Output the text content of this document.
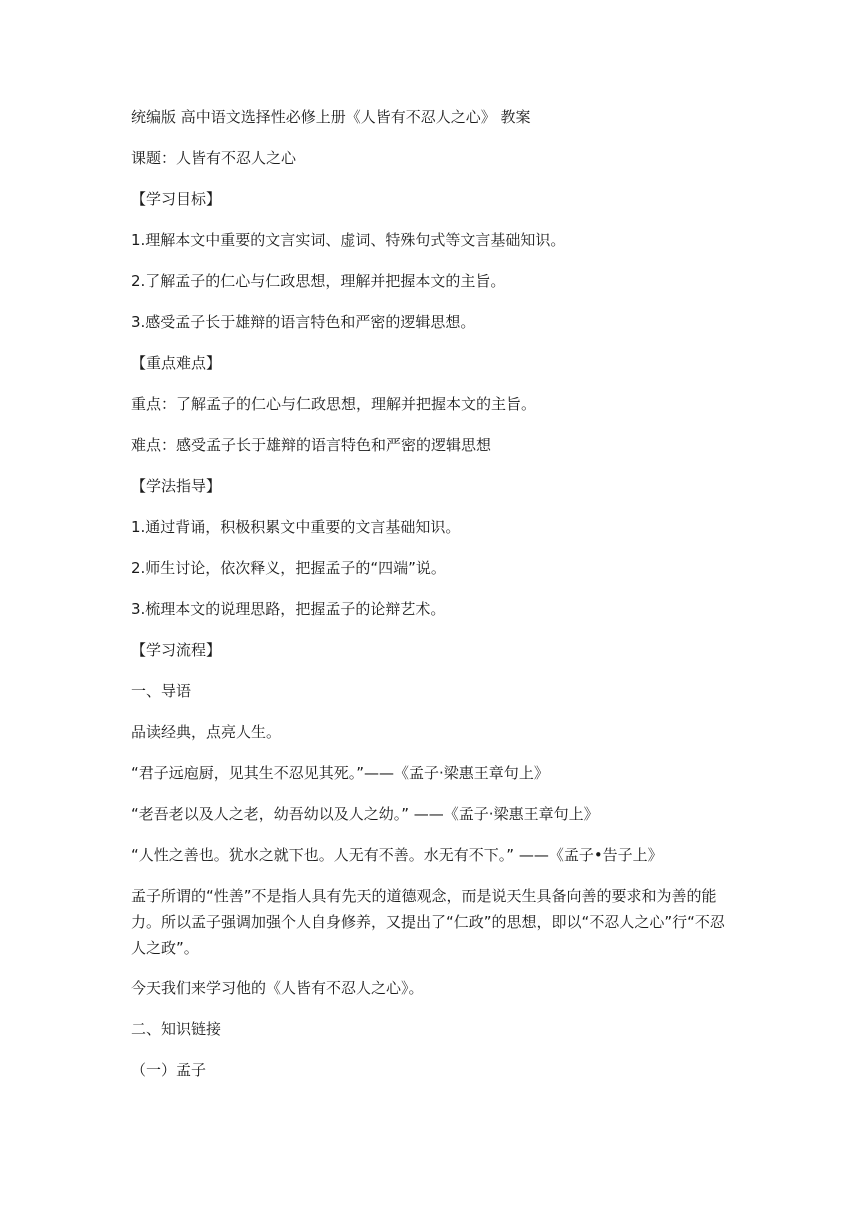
统编版 高中语文选择性必修上册《人皆有不忍人之心》 教案

课题：人皆有不忍人之心

【学习目标】

1.理解本文中重要的文言实词、虚词、特殊句式等文言基础知识。

2.了解孟子的仁心与仁政思想，理解并把握本文的主旨。

3.感受孟子长于雄辩的语言特色和严密的逻辑思想。

【重点难点】

重点：了解孟子的仁心与仁政思想，理解并把握本文的主旨。

难点：感受孟子长于雄辩的语言特色和严密的逻辑思想

【学法指导】

1.通过背诵，积极积累文中重要的文言基础知识。

2.师生讨论，依次释义，把握孟子的“四端”说。

3.梳理本文的说理思路，把握孟子的论辩艺术。

【学习流程】

一、导语

品读经典，点亮人生。

“君子远庖厨，见其生不忍见其死。”——《孟子·梁惠王章句上》

“老吾老以及人之老，幼吾幼以及人之幼。” ——《孟子·梁惠王章句上》

“人性之善也。犹水之就下也。人无有不善。水无有不下。” ——《孟子•告子上》

孟子所谓的“性善”不是指人具有先天的道德观念，而是说天生具备向善的要求和为善的能力。所以孟子强调加强个人自身修养，又提出了“仁政”的思想，即以“不忍人之心”行“不忍人之政”。

今天我们来学习他的《人皆有不忍人之心》。

二、知识链接

（一）孟子
